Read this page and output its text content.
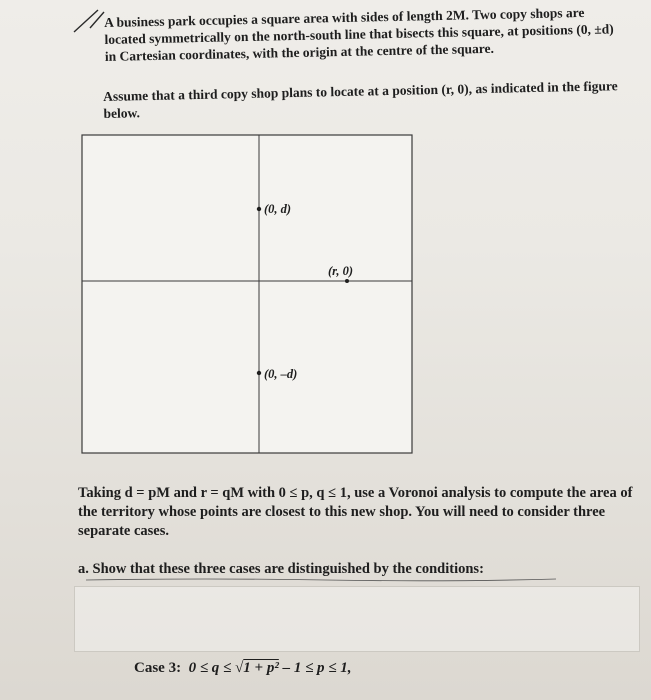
A business park occupies a square area with sides of length 2M. Two copy shops are located symmetrically on the north-south line that bisects this square, at positions (0, ±d) in Cartesian coordinates, with the origin at the centre of the square.
Assume that a third copy shop plans to locate at a position (r, 0), as indicated in the figure below.
(0, d)
(0, –d)
(r, 0)
Taking d = pM and r = qM with 0 ≤ p, q ≤ 1, use a Voronoi analysis to compute the area of the territory whose points are closest to this new shop. You will need to consider three separate cases.
a. Show that these three cases are distinguished by the conditions:
Case 3: 0 ≤ q ≤ √1 + p² – 1 ≤ p ≤ 1,
